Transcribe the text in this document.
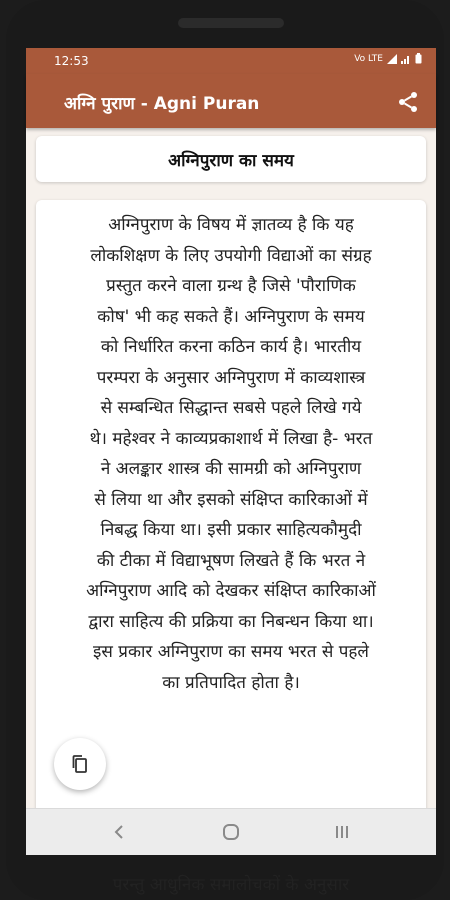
12:53	Vo LTE
अग्नि पुराण - Agni Puran
अग्निपुराण का समय
अग्निपुराण के विषय में ज्ञातव्य है कि यह
लोकशिक्षण के लिए उपयोगी विद्याओं का संग्रह
प्रस्तुत करने वाला ग्रन्थ है जिसे 'पौराणिक
कोष' भी कह सकते हैं। अग्निपुराण के समय
को निर्धारित करना कठिन कार्य है। भारतीय
परम्परा के अनुसार अग्निपुराण में काव्यशास्त्र
से सम्बन्धित सिद्धान्त सबसे पहले लिखे गये
थे। महेश्वर ने काव्यप्रकाशार्थ में लिखा है- भरत
ने अलङ्कार शास्त्र की सामग्री को अग्निपुराण
से लिया था और इसको संक्षिप्त कारिकाओं में
निबद्ध किया था। इसी प्रकार साहित्यकौमुदी
की टीका में विद्याभूषण लिखते हैं कि भरत ने
अग्निपुराण आदि को देखकर संक्षिप्त कारिकाओं
द्वारा साहित्य की प्रक्रिया का निबन्धन किया था।
इस प्रकार अग्निपुराण का समय भरत से पहले
का प्रतिपादित होता है।
परन्तु आधुनिक समालोचकों के अनुसार
